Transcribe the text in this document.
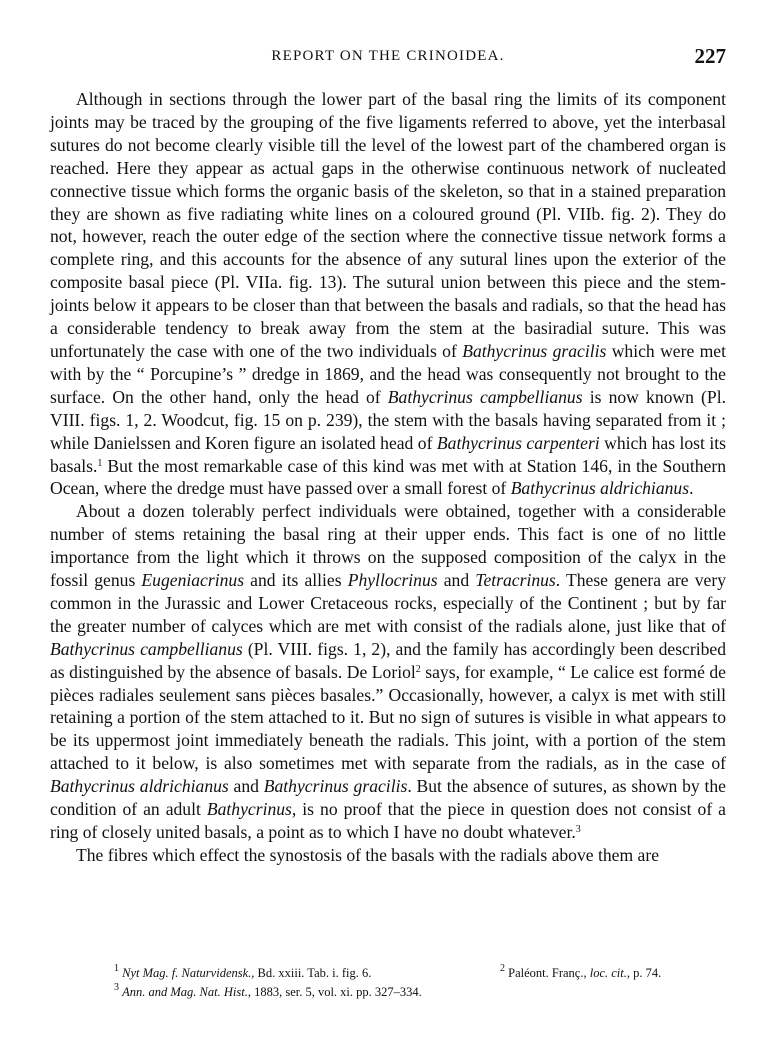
REPORT ON THE CRINOIDEA.	227

Although in sections through the lower part of the basal ring the limits of its component joints may be traced by the grouping of the five ligaments referred to above, yet the interbasal sutures do not become clearly visible till the level of the lowest part of the chambered organ is reached. Here they appear as actual gaps in the otherwise continuous network of nucleated connective tissue which forms the organic basis of the skeleton, so that in a stained preparation they are shown as five radiating white lines on a coloured ground (Pl. VIIb. fig. 2). They do not, however, reach the outer edge of the section where the connective tissue network forms a complete ring, and this accounts for the absence of any sutural lines upon the exterior of the composite basal piece (Pl. VIIa. fig. 13). The sutural union between this piece and the stem-joints below it appears to be closer than that between the basals and radials, so that the head has a considerable tendency to break away from the stem at the basiradial suture. This was unfortunately the case with one of the two individuals of Bathycrinus gracilis which were met with by the “ Porcupine’s ” dredge in 1869, and the head was consequently not brought to the surface. On the other hand, only the head of Bathycrinus campbellianus is now known (Pl. VIII. figs. 1, 2. Woodcut, fig. 15 on p. 239), the stem with the basals having separated from it ; while Danielssen and Koren figure an isolated head of Bathycrinus carpenteri which has lost its basals.$^1$ But the most remarkable case of this kind was met with at Station 146, in the Southern Ocean, where the dredge must have passed over a small forest of Bathycrinus aldrichianus.

About a dozen tolerably perfect individuals were obtained, together with a considerable number of stems retaining the basal ring at their upper ends. This fact is one of no little importance from the light which it throws on the supposed composition of the calyx in the fossil genus Eugeniacrinus and its allies Phyllocrinus and Tetracrinus. These genera are very common in the Jurassic and Lower Cretaceous rocks, especially of the Continent ; but by far the greater number of calyces which are met with consist of the radials alone, just like that of Bathycrinus campbellianus (Pl. VIII. figs. 1, 2), and the family has accordingly been described as distinguished by the absence of basals. De Loriol$^2$ says, for example, “ Le calice est formé de pièces radiales seulement sans pièces basales.” Occasionally, however, a calyx is met with still retaining a portion of the stem attached to it. But no sign of sutures is visible in what appears to be its uppermost joint immediately beneath the radials. This joint, with a portion of the stem attached to it below, is also sometimes met with separate from the radials, as in the case of Bathycrinus aldrichianus and Bathycrinus gracilis. But the absence of sutures, as shown by the condition of an adult Bathycrinus, is no proof that the piece in question does not consist of a ring of closely united basals, a point as to which I have no doubt whatever.$^3$

The fibres which effect the synostosis of the basals with the radials above them are

$^1$ Nyt Mag. f. Naturvidensk., Bd. xxiii. Tab. i. fig. 6.	$^2$ Paléont. Franç., loc. cit., p. 74.
$^3$ Ann. and Mag. Nat. Hist., 1883, ser. 5, vol. xi. pp. 327–334.
